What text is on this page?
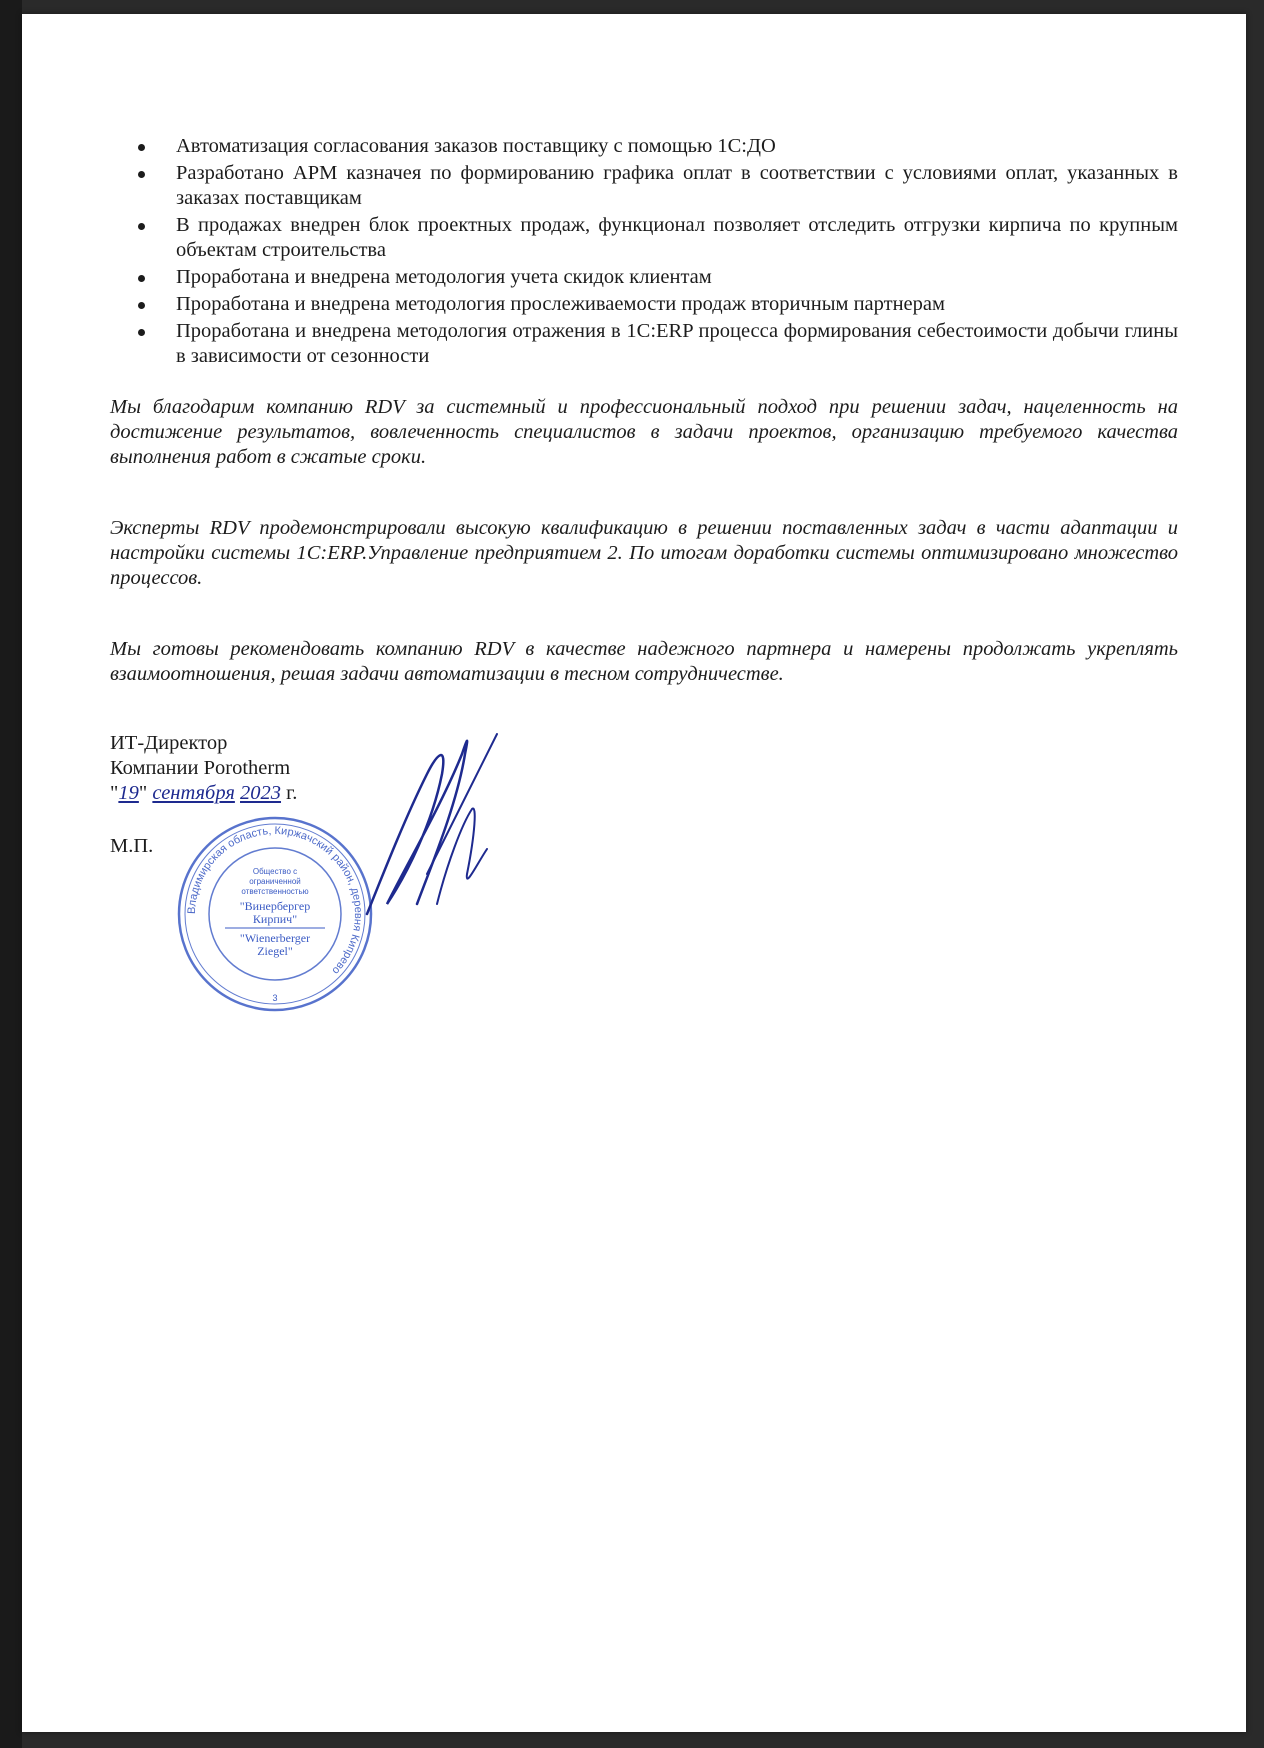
Автоматизация согласования заказов поставщику с помощью 1С:ДО
Разработано АРМ казначея по формированию графика оплат в соответствии с условиями оплат, указанных в заказах поставщикам
В продажах внедрен блок проектных продаж, функционал позволяет отследить отгрузки кирпича по крупным объектам строительства
Проработана и внедрена методология учета скидок клиентам
Проработана и внедрена методология прослеживаемости продаж вторичным партнерам
Проработана и внедрена методология отражения в 1С:ERP процесса формирования себестоимости добычи глины в зависимости от сезонности

Мы благодарим компанию RDV за системный и профессиональный подход при решении задач, нацеленность на достижение результатов, вовлеченность специалистов в задачи проектов, организацию требуемого качества выполнения работ в сжатые сроки.

Эксперты RDV продемонстрировали высокую квалификацию в решении поставленных задач в части адаптации и настройки системы 1С:ERP.Управление предприятием 2. По итогам доработки системы оптимизировано множество процессов.

Мы готовы рекомендовать компанию RDV в качестве надежного партнера и намерены продолжать укреплять взаимоотношения, решая задачи автоматизации в тесном сотрудничестве.

ИТ-Директор
Компании Porotherm
"19" сентября 2023 г.
М.П.
Владимирская область, Киржачский район, деревня Кипрево
Общество с
ограниченной
ответственностью
"Винербергер
Кирпич"
"Wienerberger
Ziegel"
3
